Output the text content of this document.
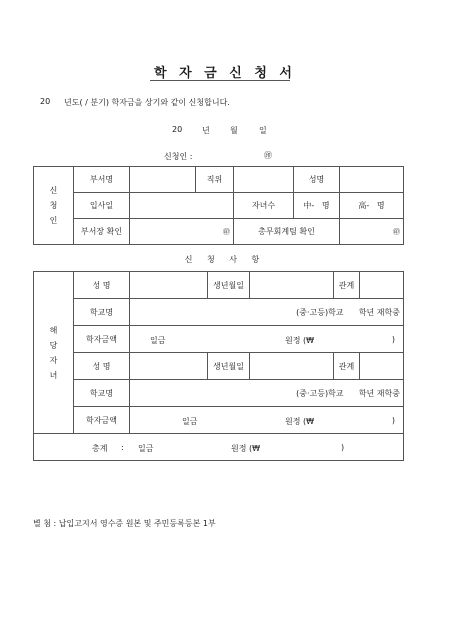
학 자 금 신 청 서
20 년도( / 분기) 학자금을 상기와 같이 신청합니다.
20 년	월	일
신청인 :	㊞
신
청
인	부서명		직위		성명	
	입사일			자녀수	中- 명	高- 명
	부서장 확인	㊞		총무회계팀 확인		㊞
신 청 사 항
해
당
자
녀	성 명		생년월일		관계	
	학교명	(중·고등)학교 학년 재학중				
	학자금액	일금 원정 (₩ )				

	성 명		생년월일		관계	
	학교명	(중·고등)학교 학년 재학중				
	학자금액	일금 원정 (₩ )				

총계 : 일금 원정 (₩ )						
별 첨 : 납입고지서 영수증 원본 및 주민등록등본 1부
